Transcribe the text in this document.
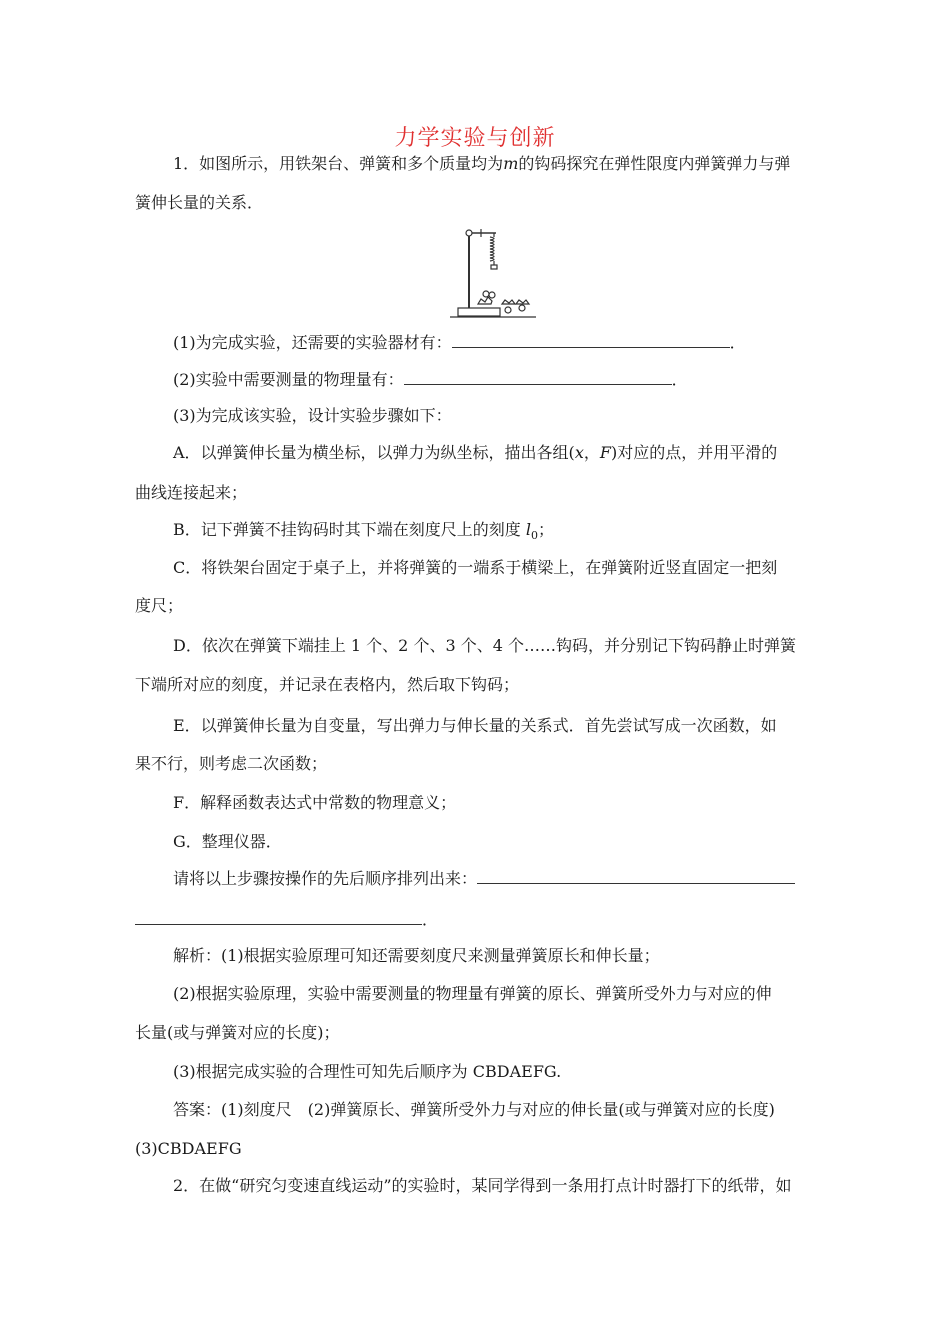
力学实验与创新
1．如图所示，用铁架台、弹簧和多个质量均为m的钩码探究在弹性限度内弹簧弹力与弹
簧伸长量的关系．
(1)为完成实验，还需要的实验器材有：	．
(2)实验中需要测量的物理量有：	．
(3)为完成该实验，设计实验步骤如下：
A．以弹簧伸长量为横坐标，以弹力为纵坐标，描出各组(x，F)对应的点，并用平滑的
曲线连接起来；
B．记下弹簧不挂钩码时其下端在刻度尺上的刻度 $l_0$；
C．将铁架台固定于桌子上，并将弹簧的一端系于横梁上，在弹簧附近竖直固定一把刻
度尺；
D．依次在弹簧下端挂上 1 个、2 个、3 个、4 个……钩码，并分别记下钩码静止时弹簧
下端所对应的刻度，并记录在表格内，然后取下钩码；
E．以弹簧伸长量为自变量，写出弹力与伸长量的关系式．首先尝试写成一次函数，如
果不行，则考虑二次函数；
F．解释函数表达式中常数的物理意义；
G．整理仪器．
请将以上步骤按操作的先后顺序排列出来：
．
解析：(1)根据实验原理可知还需要刻度尺来测量弹簧原长和伸长量；
(2)根据实验原理，实验中需要测量的物理量有弹簧的原长、弹簧所受外力与对应的伸
长量(或与弹簧对应的长度)；
(3)根据完成实验的合理性可知先后顺序为 CBDAEFG.
答案：(1)刻度尺　(2)弹簧原长、弹簧所受外力与对应的伸长量(或与弹簧对应的长度)
(3)CBDAEFG
2．在做“研究匀变速直线运动”的实验时，某同学得到一条用打点计时器打下的纸带，如
